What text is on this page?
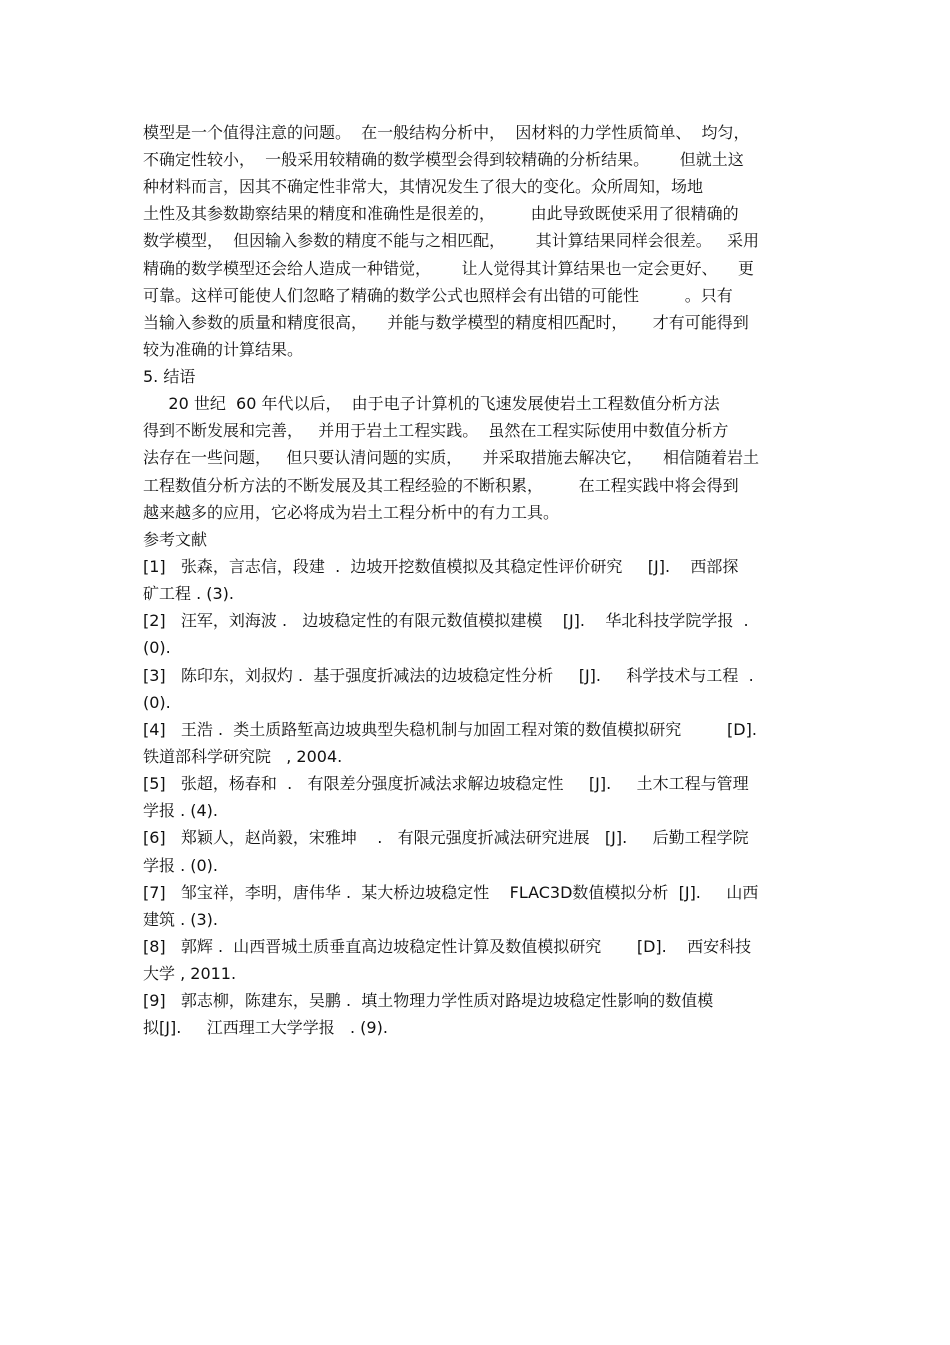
模型是一个值得注意的问题。  在一般结构分析中，  因材料的力学性质简单、  均匀，
不确定性较小，  一般采用较精确的数学模型会得到较精确的分析结果。      但就土这
种材料而言，因其不确定性非常大，其情况发生了很大的变化。众所周知，场地
土性及其参数勘察结果的精度和准确性是很差的，       由此导致既使采用了很精确的
数学模型，  但因输入参数的精度不能与之相匹配，      其计算结果同样会很差。   采用
精确的数学模型还会给人造成一种错觉，      让人觉得其计算结果也一定会更好、    更
可靠。这样可能使人们忽略了精确的数学公式也照样会有出错的可能性         。只有
当输入参数的质量和精度很高，    并能与数学模型的精度相匹配时，     才有可能得到
较为准确的计算结果。
5. 结语
20 世纪  60 年代以后，  由于电子计算机的飞速发展使岩土工程数值分析方法
得到不断发展和完善，   并用于岩土工程实践。  虽然在工程实际使用中数值分析方
法存在一些问题，   但只要认清问题的实质，    并采取措施去解决它，    相信随着岩土
工程数值分析方法的不断发展及其工程经验的不断积累，       在工程实践中将会得到
越来越多的应用，它必将成为岩土工程分析中的有力工具。
参考文献
[1]   张森，言志信，段建  .  边坡开挖数值模拟及其稳定性评价研究     [J].    西部探
矿工程 . (3).
[2]   汪军，刘海波 .   边坡稳定性的有限元数值模拟建模    [J].    华北科技学院学报  .
(0).
[3]   陈印东，刘叔灼 .  基于强度折减法的边坡稳定性分析     [J].     科学技术与工程  .
(0).
[4]   王浩 .  类土质路堑高边坡典型失稳机制与加固工程对策的数值模拟研究         [D].
铁道部科学研究院   , 2004.
[5]   张超，杨春和  .   有限差分强度折减法求解边坡稳定性     [J].     土木工程与管理
学报 . (4).
[6]   郑颖人，赵尚毅，宋雅坤    .   有限元强度折减法研究进展   [J].     后勤工程学院
学报 . (0).
[7]   邹宝祥，李明，唐伟华 .  某大桥边坡稳定性    FLAC3D数值模拟分析  [J].     山西
建筑 . (3).
[8]   郭辉 .  山西晋城土质垂直高边坡稳定性计算及数值模拟研究       [D].    西安科技
大学 , 2011.
[9]   郭志柳，陈建东，吴鹏 .  填土物理力学性质对路堤边坡稳定性影响的数值模
拟[J].     江西理工大学学报   . (9).
